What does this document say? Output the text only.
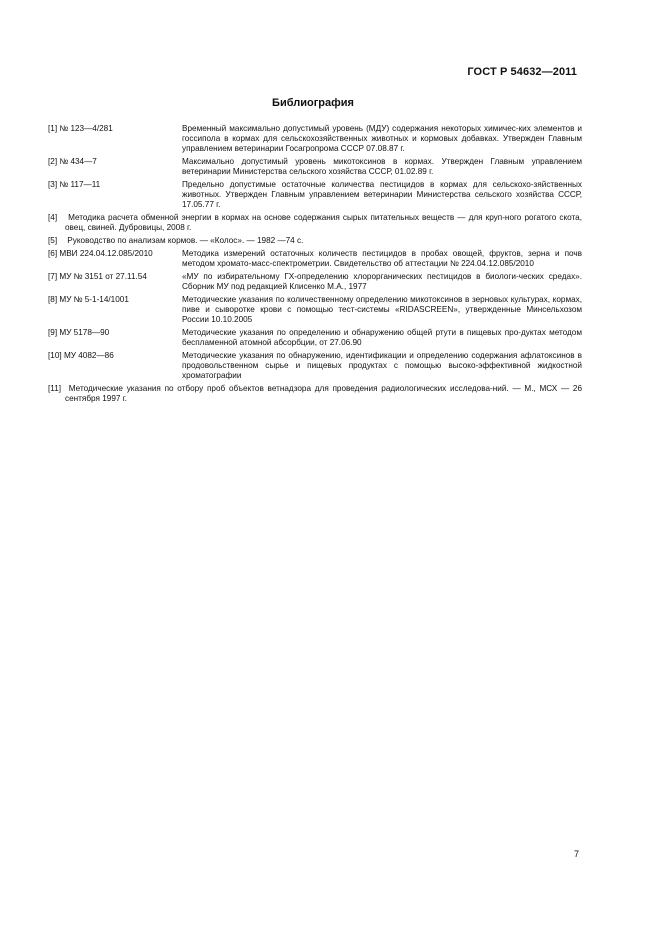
ГОСТ Р 54632—2011
Библиография
[1] № 123—4/281	Временный максимально допустимый уровень (МДУ) содержания некоторых химичес-ких элементов и госсипола в кормах для сельскохозяйственных животных и кормовых добавках. Утвержден Главным управлением ветеринарии Госагропрома СССР 07.08.87 г.
[2] № 434—7	Максимально допустимый уровень микотоксинов в кормах. Утвержден Главным управлением ветеринарии Министерства сельского хозяйства СССР, 01.02.89 г.
[3] № 117—11	Предельно допустимые остаточные количества пестицидов в кормах для сельскохо-зяйственных животных. Утвержден Главным управлением ветеринарии Министерства сельского хозяйства СССР, 17.05.77 г.
[4] Методика расчета обменной энергии в кормах на основе содержания сырых питательных веществ — для круп-ного рогатого скота, овец, свиней. Дубровицы, 2008 г.
[5] Руководство по анализам кормов. — «Колос». — 1982 —74 с.
[6] МВИ 224.04.12.085/2010	Методика измерений остаточных количеств пестицидов в пробах овощей, фруктов, зерна и почв методом хромато-масс-спектрометрии. Свидетельство об аттестации № 224.04.12.085/2010
[7] МУ № 3151 от 27.11.54	«МУ по избирательному ГХ-определению хлорорганических пестицидов в биологи-ческих средах». Сборник МУ под редакцией Клисенко М.А., 1977
[8] МУ № 5-1-14/1001	Методические указания по количественному определению микотоксинов в зерновых культурах, кормах, пиве и сыворотке крови с помощью тест-системы «RIDASCREEN», утвержденные Минсельхозом России 10.10.2005
[9] МУ 5178—90	Методические указания по определению и обнаружению общей ртути в пищевых про-дуктах методом беспламенной атомной абсорбции, от 27.06.90
[10] МУ 4082—86	Методические указания по обнаружению, идентификации и определению содержания афлатоксинов в продовольственном сырье и пищевых продуктах с помощью высоко-эффективной жидкостной хроматографии
[11] Методические указания по отбору проб объектов ветнадзора для проведения радиологических исследова-ний. — М., МСХ — 26 сентября 1997 г.
7
